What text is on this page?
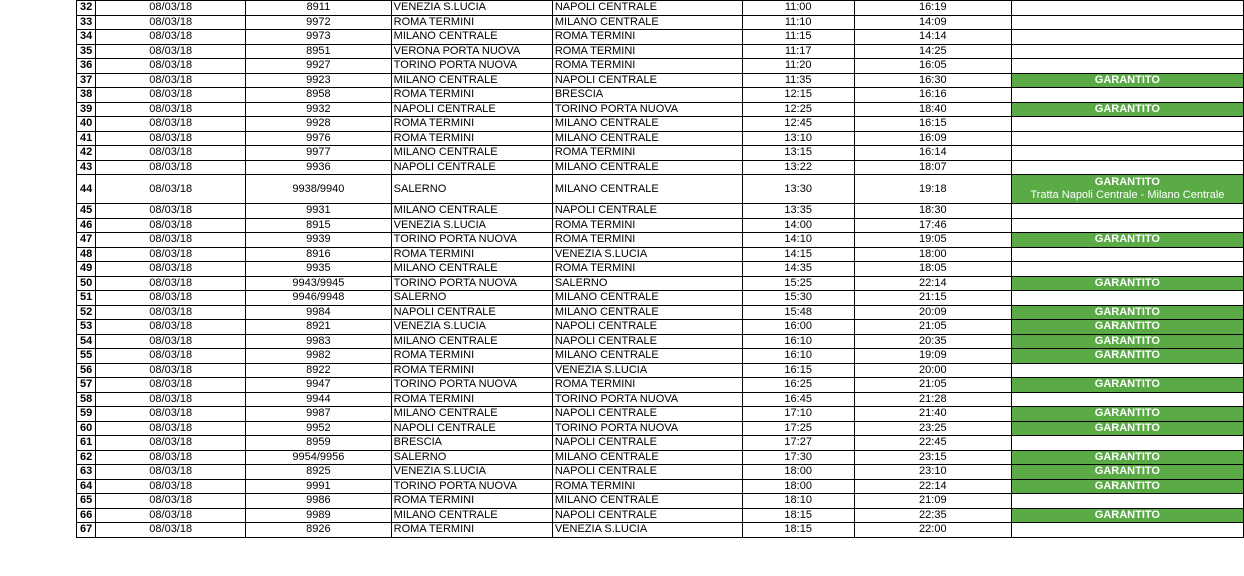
32	08/03/18	8911	VENEZIA S.LUCIA	NAPOLI CENTRALE	11:00	16:19	
33	08/03/18	9972	ROMA TERMINI	MILANO CENTRALE	11:10	14:09	
34	08/03/18	9973	MILANO CENTRALE	ROMA TERMINI	11:15	14:14	
35	08/03/18	8951	VERONA PORTA NUOVA	ROMA TERMINI	11:17	14:25	
36	08/03/18	9927	TORINO PORTA NUOVA	ROMA TERMINI	11:20	16:05	
37	08/03/18	9923	MILANO CENTRALE	NAPOLI CENTRALE	11:35	16:30	GARANTITO
38	08/03/18	8958	ROMA TERMINI	BRESCIA	12:15	16:16	
39	08/03/18	9932	NAPOLI CENTRALE	TORINO PORTA NUOVA	12:25	18:40	GARANTITO
40	08/03/18	9928	ROMA TERMINI	MILANO CENTRALE	12:45	16:15	
41	08/03/18	9976	ROMA TERMINI	MILANO CENTRALE	13:10	16:09	
42	08/03/18	9977	MILANO CENTRALE	ROMA TERMINI	13:15	16:14	
43	08/03/18	9936	NAPOLI CENTRALE	MILANO CENTRALE	13:22	18:07	
44	08/03/18	9938/9940	SALERNO	MILANO CENTRALE	13:30	19:18	GARANTITO
Tratta Napoli Centrale - Milano Centrale

45	08/03/18	9931	MILANO CENTRALE	NAPOLI CENTRALE	13:35	18:30	
46	08/03/18	8915	VENEZIA S.LUCIA	ROMA TERMINI	14:00	17:46	
47	08/03/18	9939	TORINO PORTA NUOVA	ROMA TERMINI	14:10	19:05	GARANTITO
48	08/03/18	8916	ROMA TERMINI	VENEZIA S.LUCIA	14:15	18:00	
49	08/03/18	9935	MILANO CENTRALE	ROMA TERMINI	14:35	18:05	
50	08/03/18	9943/9945	TORINO PORTA NUOVA	SALERNO	15:25	22:14	GARANTITO
51	08/03/18	9946/9948	SALERNO	MILANO CENTRALE	15:30	21:15	
52	08/03/18	9984	NAPOLI CENTRALE	MILANO CENTRALE	15:48	20:09	GARANTITO
53	08/03/18	8921	VENEZIA S.LUCIA	NAPOLI CENTRALE	16:00	21:05	GARANTITO
54	08/03/18	9983	MILANO CENTRALE	NAPOLI CENTRALE	16:10	20:35	GARANTITO
55	08/03/18	9982	ROMA TERMINI	MILANO CENTRALE	16:10	19:09	GARANTITO
56	08/03/18	8922	ROMA TERMINI	VENEZIA S.LUCIA	16:15	20:00	
57	08/03/18	9947	TORINO PORTA NUOVA	ROMA TERMINI	16:25	21:05	GARANTITO
58	08/03/18	9944	ROMA TERMINI	TORINO PORTA NUOVA	16:45	21:28	
59	08/03/18	9987	MILANO CENTRALE	NAPOLI CENTRALE	17:10	21:40	GARANTITO
60	08/03/18	9952	NAPOLI CENTRALE	TORINO PORTA NUOVA	17:25	23:25	GARANTITO
61	08/03/18	8959	BRESCIA	NAPOLI CENTRALE	17:27	22:45	
62	08/03/18	9954/9956	SALERNO	MILANO CENTRALE	17:30	23:15	GARANTITO
63	08/03/18	8925	VENEZIA S.LUCIA	NAPOLI CENTRALE	18:00	23:10	GARANTITO
64	08/03/18	9991	TORINO PORTA NUOVA	ROMA TERMINI	18:00	22:14	GARANTITO
65	08/03/18	9986	ROMA TERMINI	MILANO CENTRALE	18:10	21:09	
66	08/03/18	9989	MILANO CENTRALE	NAPOLI CENTRALE	18:15	22:35	GARANTITO
67	08/03/18	8926	ROMA TERMINI	VENEZIA S.LUCIA	18:15	22:00	
